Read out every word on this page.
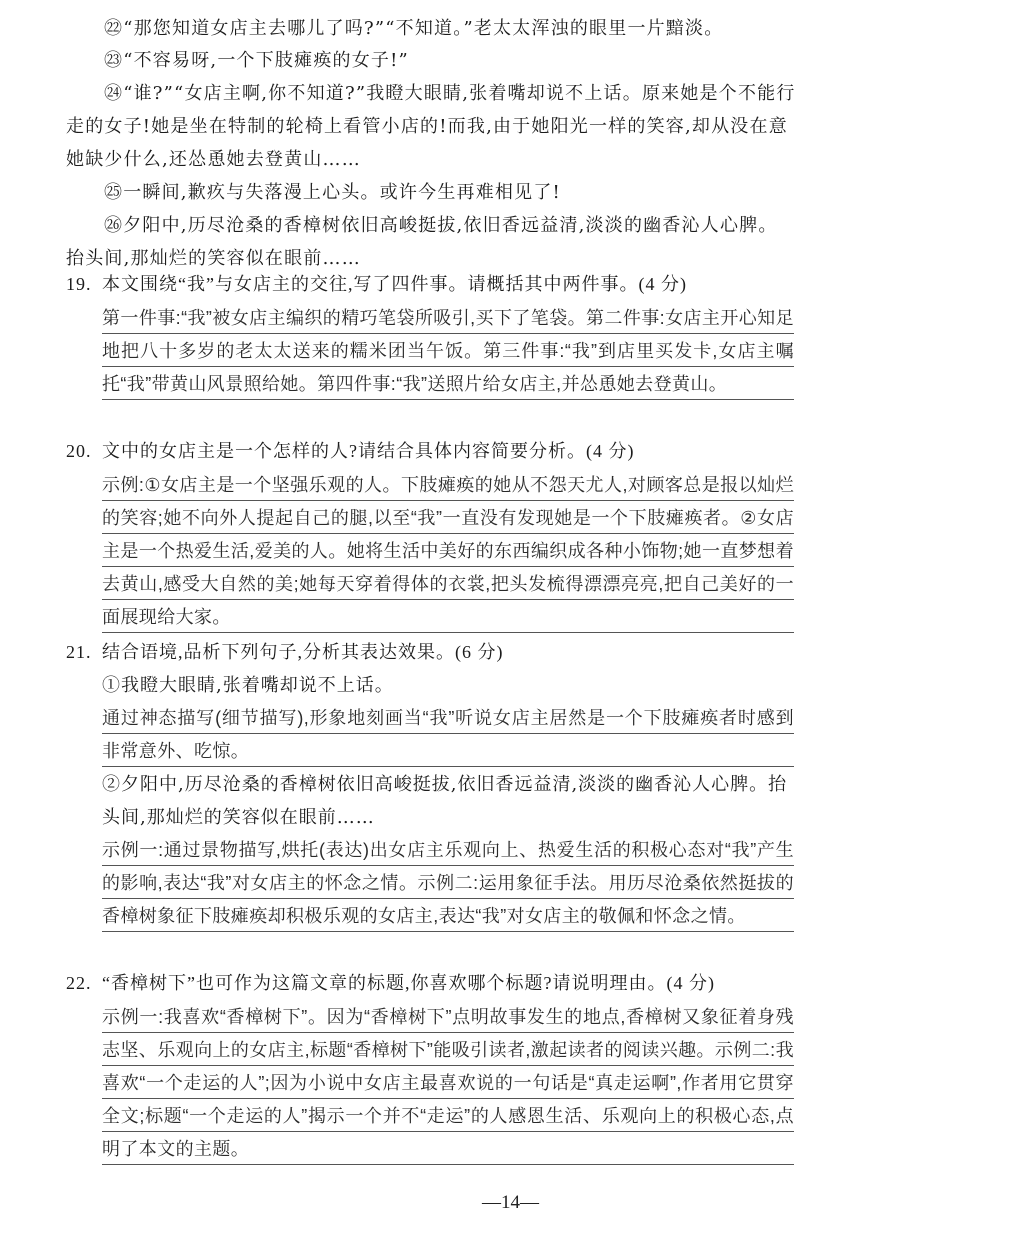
㉒“那您知道女店主去哪儿了吗?”“不知道。”老太太浑浊的眼里一片黯淡。

㉓“不容易呀,一个下肢瘫痪的女子!”

㉔“谁?”“女店主啊,你不知道?”我瞪大眼睛,张着嘴却说不上话。原来她是个不能行走的女子!她是坐在特制的轮椅上看管小店的!而我,由于她阳光一样的笑容,却从没在意她缺少什么,还怂恿她去登黄山……

㉕一瞬间,歉疚与失落漫上心头。或许今生再难相见了!

㉖夕阳中,历尽沧桑的香樟树依旧高峻挺拔,依旧香远益清,淡淡的幽香沁人心脾。抬头间,那灿烂的笑容似在眼前……

19. 本文围绕“我”与女店主的交往,写了四件事。请概括其中两件事。(4 分)

第一件事:“我”被女店主编织的精巧笔袋所吸引,买下了笔袋。第二件事:女店主开心知足地把八十多岁的老太太送来的糯米团当午饭。第三件事:“我”到店里买发卡,女店主嘱托“我”带黄山风景照给她。第四件事:“我”送照片给女店主,并怂恿她去登黄山。

20. 文中的女店主是一个怎样的人?请结合具体内容简要分析。(4 分)

示例:①女店主是一个坚强乐观的人。下肢瘫痪的她从不怨天尤人,对顾客总是报以灿烂的笑容;她不向外人提起自己的腿,以至“我”一直没有发现她是一个下肢瘫痪者。②女店主是一个热爱生活,爱美的人。她将生活中美好的东西编织成各种小饰物;她一直梦想着去黄山,感受大自然的美;她每天穿着得体的衣裳,把头发梳得漂漂亮亮,把自己美好的一面展现给大家。

21. 结合语境,品析下列句子,分析其表达效果。(6 分)

①我瞪大眼睛,张着嘴却说不上话。

通过神态描写(细节描写),形象地刻画当“我”听说女店主居然是一个下肢瘫痪者时感到非常意外、吃惊。

②夕阳中,历尽沧桑的香樟树依旧高峻挺拔,依旧香远益清,淡淡的幽香沁人心脾。抬头间,那灿烂的笑容似在眼前……

示例一:通过景物描写,烘托(表达)出女店主乐观向上、热爱生活的积极心态对“我”产生的影响,表达“我”对女店主的怀念之情。示例二:运用象征手法。用历尽沧桑依然挺拔的香樟树象征下肢瘫痪却积极乐观的女店主,表达“我”对女店主的敬佩和怀念之情。

22. “香樟树下”也可作为这篇文章的标题,你喜欢哪个标题?请说明理由。(4 分)

示例一:我喜欢“香樟树下”。因为“香樟树下”点明故事发生的地点,香樟树又象征着身残志坚、乐观向上的女店主,标题“香樟树下”能吸引读者,激起读者的阅读兴趣。示例二:我喜欢“一个走运的人”;因为小说中女店主最喜欢说的一句话是“真走运啊”,作者用它贯穿全文;标题“一个走运的人”揭示一个并不“走运”的人感恩生活、乐观向上的积极心态,点明了本文的主题。

—14—
